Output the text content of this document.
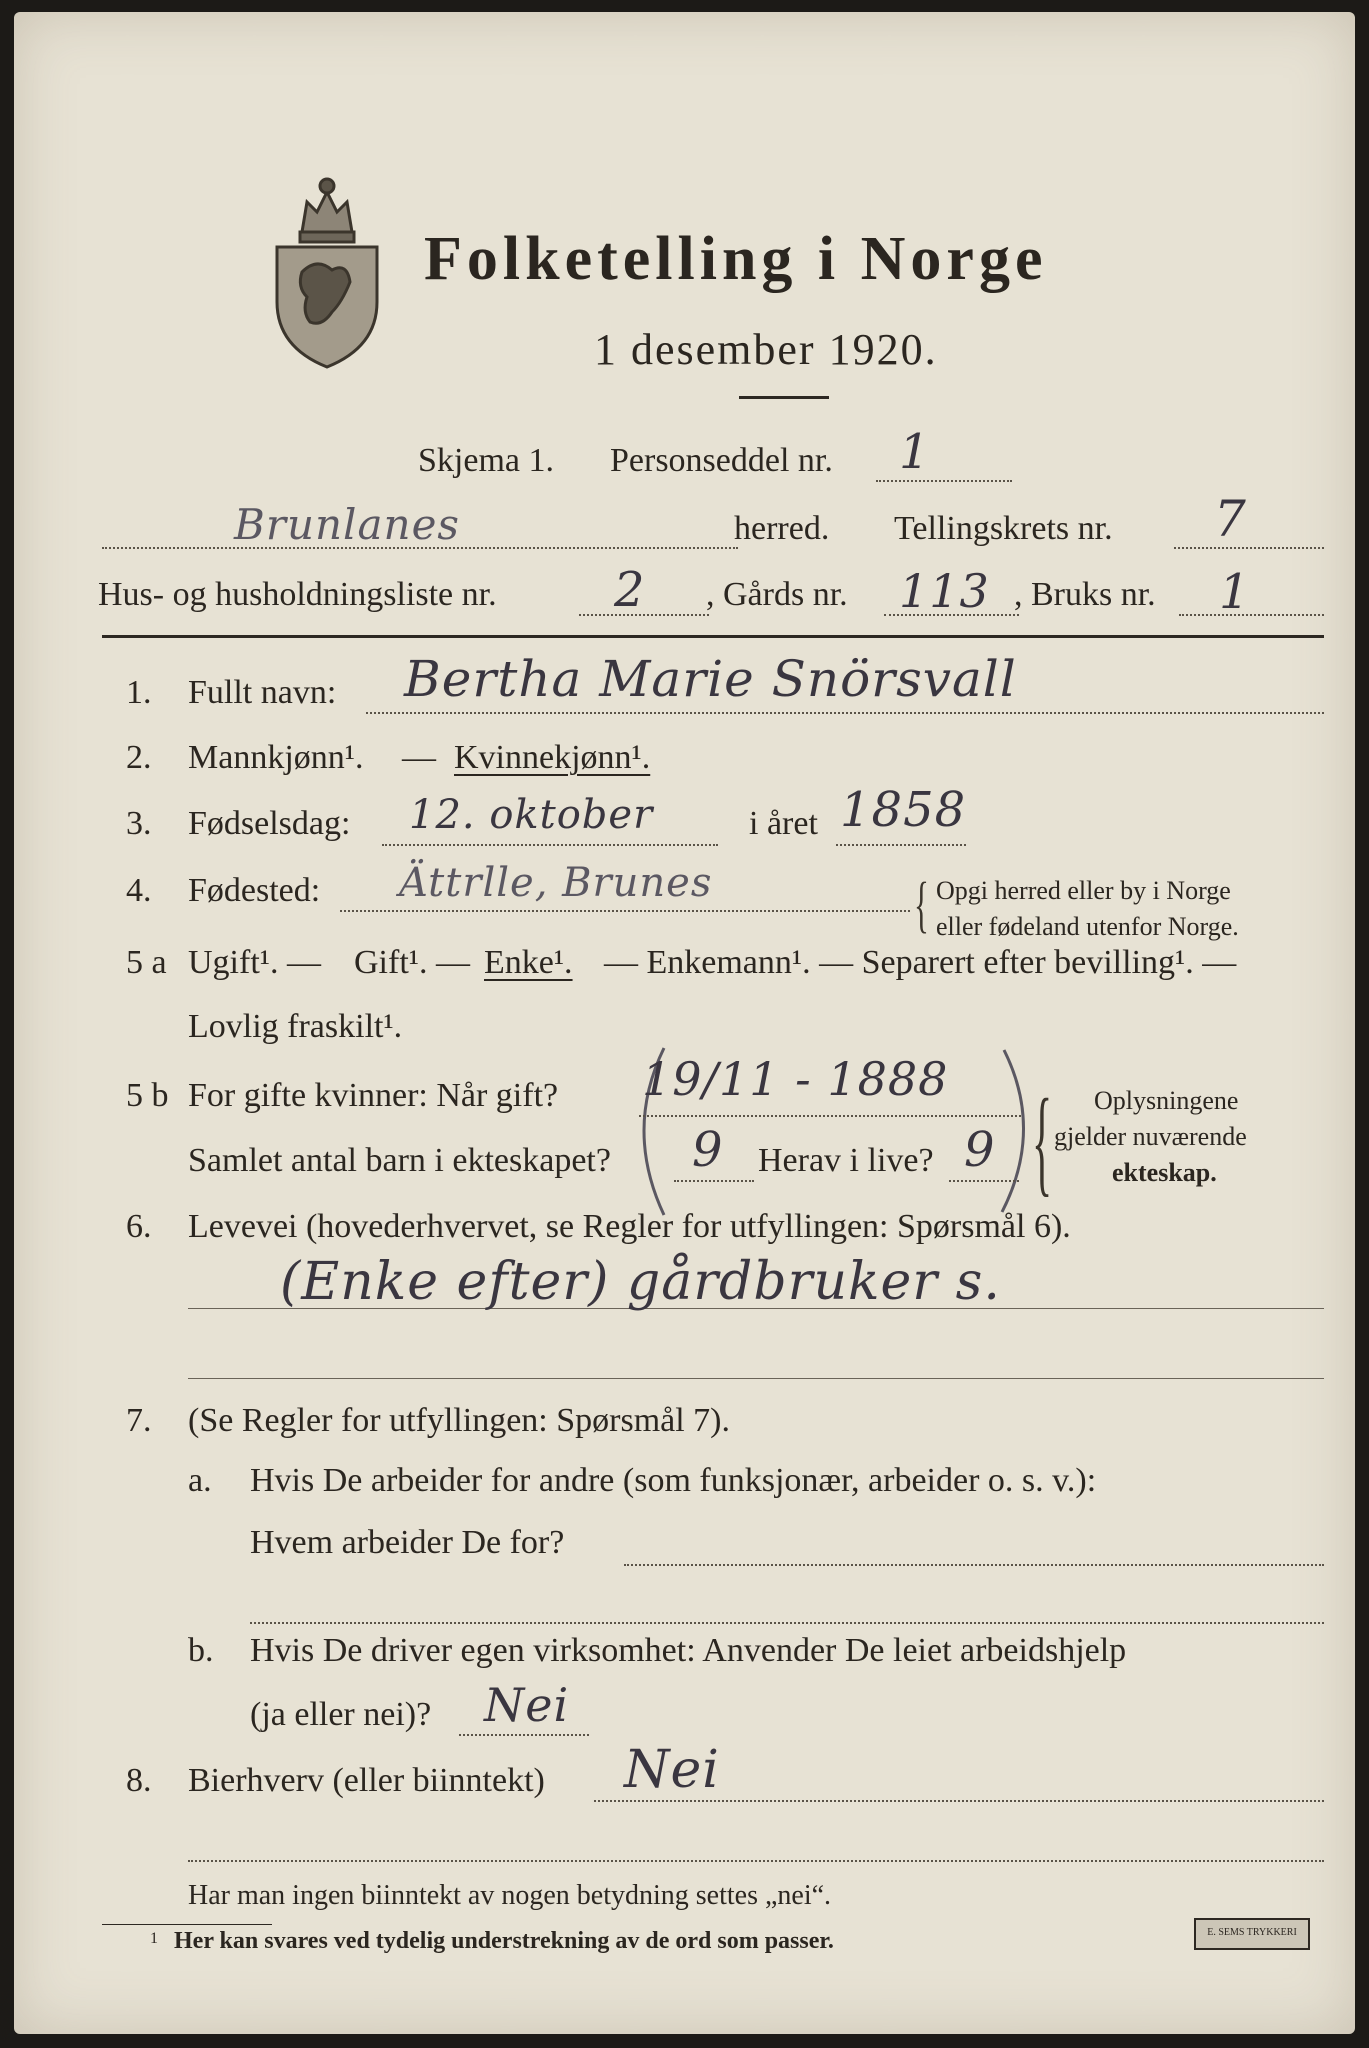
Folketelling i Norge
1 desember 1920.
Skjema 1. Personseddel nr. 1
Brunlanes	herred. Tellingskrets nr. 7
Hus- og husholdningsliste nr. 2 , Gårds nr. 113 , Bruks nr. 1
1. Fullt navn: Bertha Marie Snörsvall
2. Mannkjønn¹. — Kvinnekjønn¹.
3. Fødselsdag: 12. oktober	i året 1858
4. Fødested: Ättrlle, Brunes	{ Opgi herred eller by i Norge
eller fødeland utenfor Norge.
5 a Ugift¹. — Gift¹. — Enke¹. — Enkemann¹. — Separert efter bevilling¹. —
Lovlig fraskilt¹.
5 b For gifte kvinner: Når gift? 19/11 - 1888
Samlet antal barn i ekteskapet? 9 Herav i live? 9 { Oplysningene
gjelder nuværende
ekteskap.
6. Levevei (hovederhvervet, se Regler for utfyllingen: Spørsmål 6).
(Enke efter) gårdbruker s.
7. (Se Regler for utfyllingen: Spørsmål 7).
a. Hvis De arbeider for andre (som funksjonær, arbeider o. s. v.):
Hvem arbeider De for?
b. Hvis De driver egen virksomhet: Anvender De leiet arbeidshjelp
(ja eller nei)? Nei
8. Bierhverv (eller biinntekt) Nei
Har man ingen biinntekt av nogen betydning settes „nei“.
1 Her kan svares ved tydelig understrekning av de ord som passer.	E. SEMS TRYKKERI
